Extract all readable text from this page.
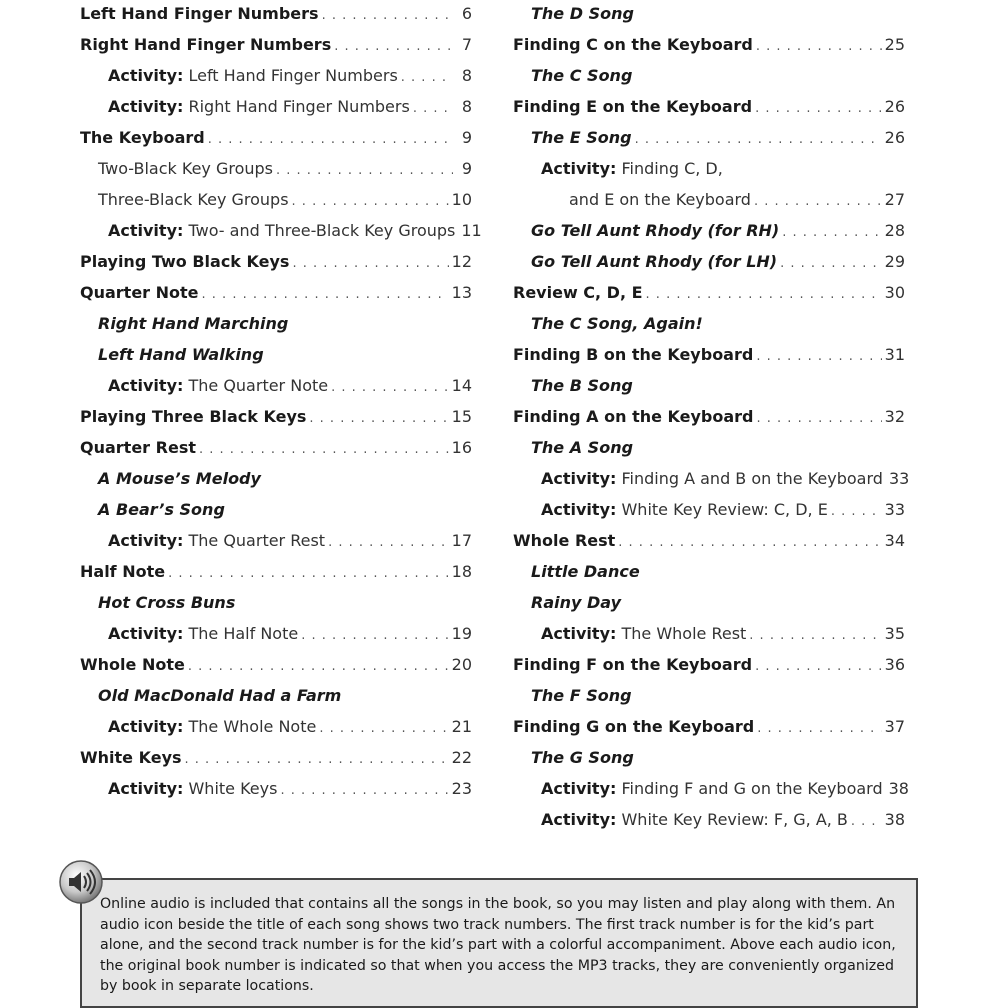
Left Hand Finger Numbers . . .	6
Right Hand Finger Numbers . . .	7
Activity: Left Hand Finger Numbers . . .	8
Activity: Right Hand Finger Numbers . . .	8
The Keyboard . . .	9
Two-Black Key Groups . . .	9
Three-Black Key Groups . . .	10
Activity: Two- and Three-Black Key Groups 11
Playing Two Black Keys . . .	12
Quarter Note . . .	13
Right Hand Marching
Left Hand Walking
Activity: The Quarter Note . . .	14
Playing Three Black Keys . . .	15
Quarter Rest . . .	16
A Mouse’s Melody
A Bear’s Song
Activity: The Quarter Rest . . .	17
Half Note . . .	18
Hot Cross Buns
Activity: The Half Note . . .	19
Whole Note . . .	20
Old MacDonald Had a Farm
Activity: The Whole Note . . .	21
White Keys . . .	22
Activity: White Keys . . .	23
The D Song
Finding C on the Keyboard . . .	25
The C Song
Finding E on the Keyboard . . .	26
The E Song . . .	26
Activity: Finding C, D,
and E on the Keyboard . . .	27
Go Tell Aunt Rhody (for RH) . . .	28
Go Tell Aunt Rhody (for LH) . . .	29
Review C, D, E . . .	30
The C Song, Again!
Finding B on the Keyboard . . .	31
The B Song
Finding A on the Keyboard . . .	32
The A Song
Activity: Finding A and B on the Keyboard 33
Activity: White Key Review: C, D, E . . .	33
Whole Rest . . .	34
Little Dance
Rainy Day
Activity: The Whole Rest . . .	35
Finding F on the Keyboard . . .	36
The F Song
Finding G on the Keyboard . . .	37
The G Song
Activity: Finding F and G on the Keyboard 38
Activity: White Key Review: F, G, A, B . . . 38

Online audio is included that contains all the songs in the book, so you may listen and play along with them. An audio icon beside the title of each song shows two track numbers. The first track number is for the kid’s part alone, and the second track number is for the kid’s part with a colorful accompaniment. Above each audio icon, the original book number is indicated so that when you access the MP3 tracks, they are conveniently organized by book in separate locations.
